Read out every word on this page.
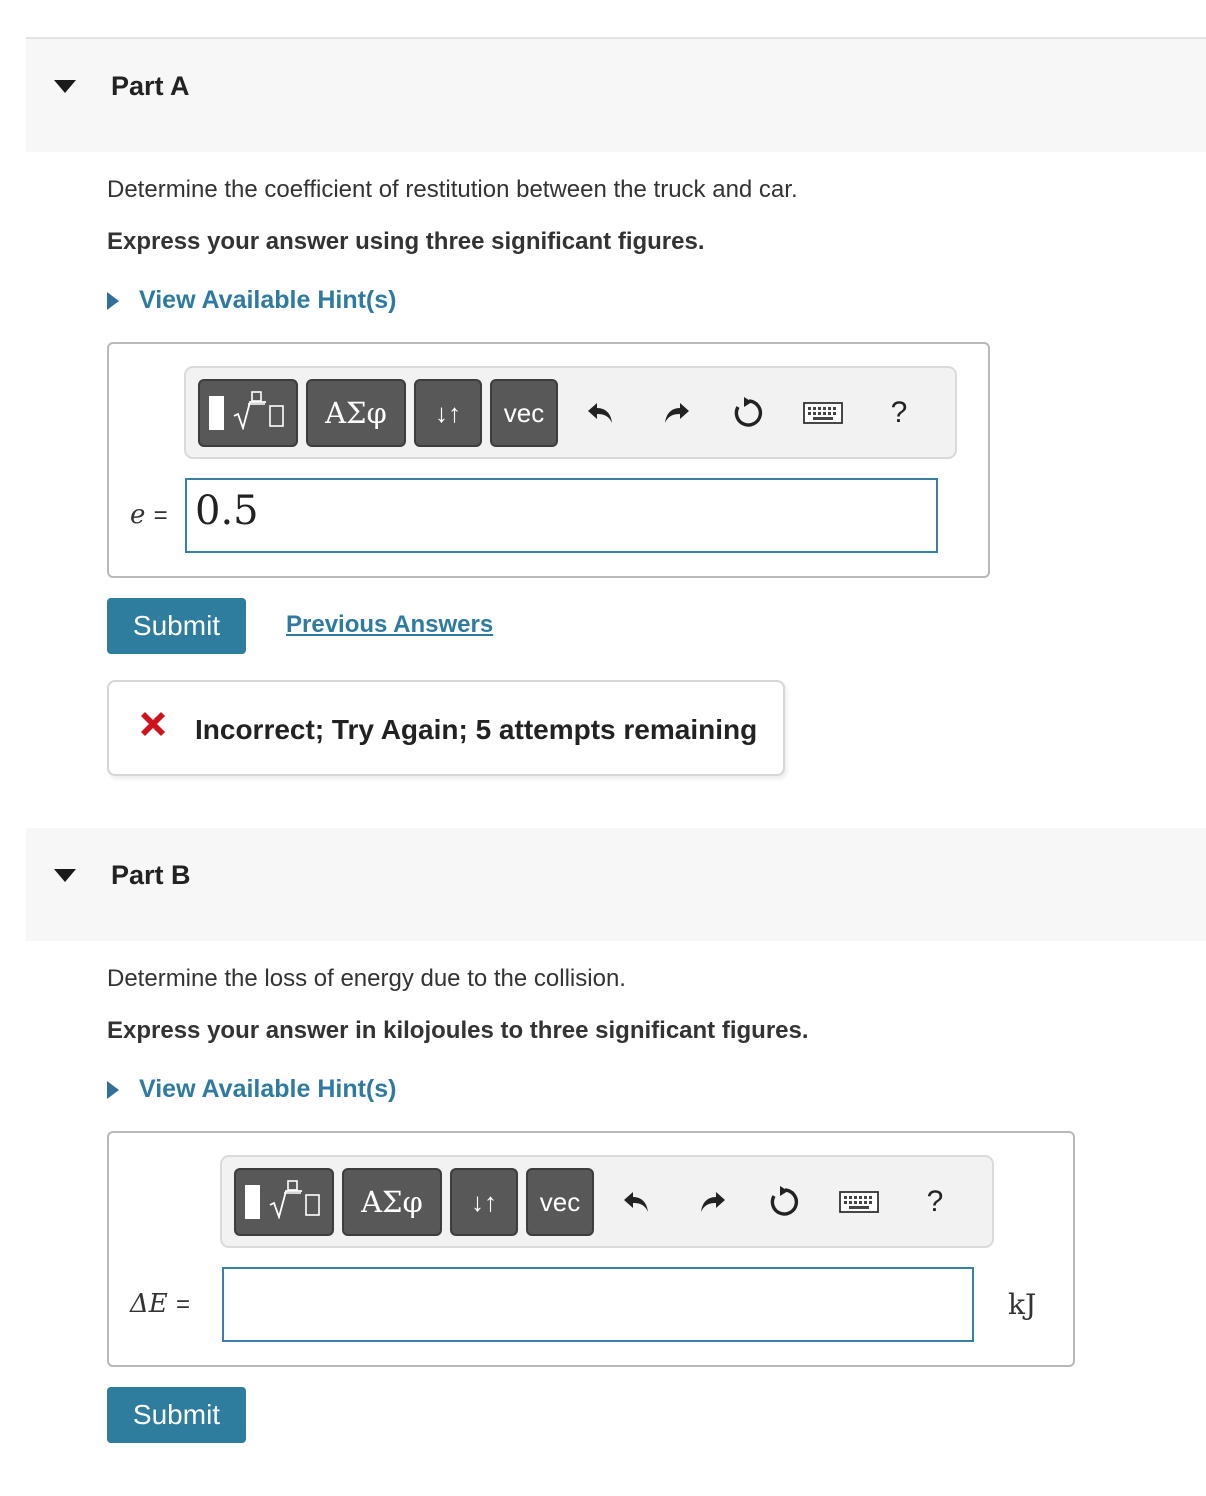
Part A
Determine the coefficient of restitution between the truck and car.
Express your answer using three significant figures.
View Available Hint(s)
ΑΣφ	↓↑	vec	?
e = 0.5
Submit	Previous Answers
Incorrect; Try Again; 5 attempts remaining
Part B
Determine the loss of energy due to the collision.
Express your answer in kilojoules to three significant figures.
View Available Hint(s)
ΑΣφ	↓↑	vec	?
ΔE =	kJ
Submit
